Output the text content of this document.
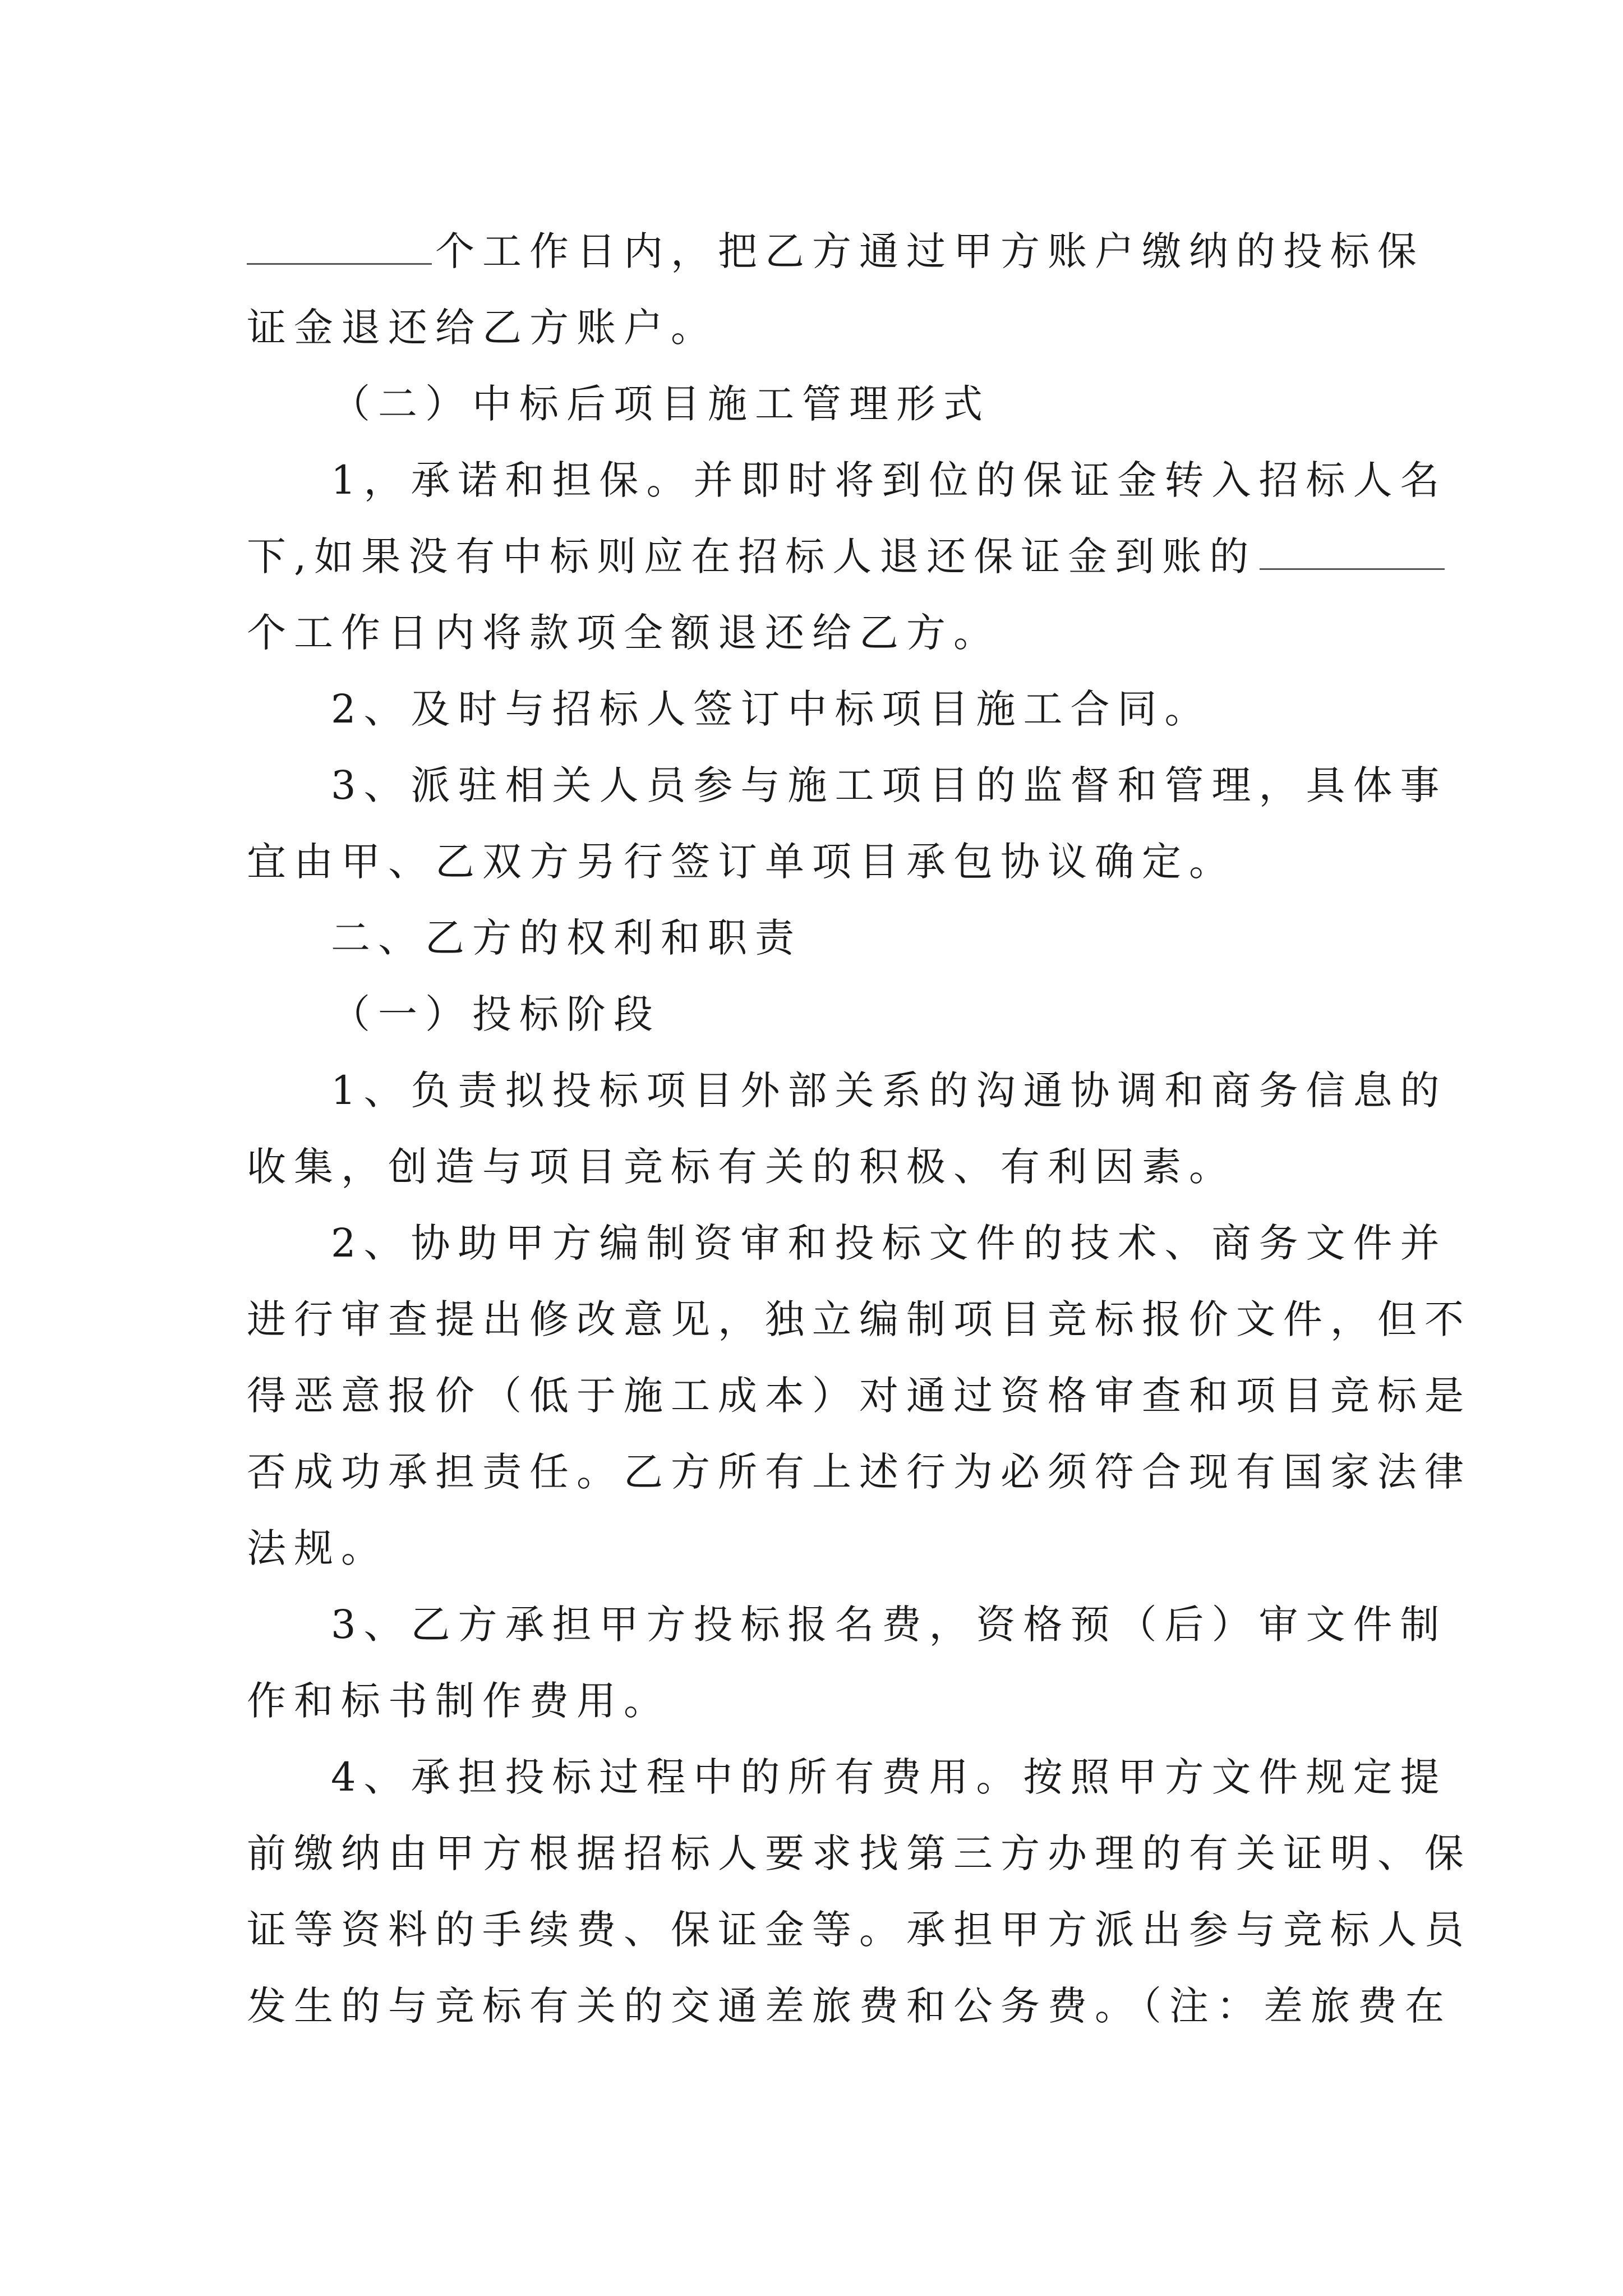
个工作日内，把乙方通过甲方账户缴纳的投标保
证金退还给乙方账户。
（二）中标后项目施工管理形式
1，承诺和担保。并即时将到位的保证金转入招标人名
下,如果没有中标则应在招标人退还保证金到账的
个工作日内将款项全额退还给乙方。
2、及时与招标人签订中标项目施工合同。
3、派驻相关人员参与施工项目的监督和管理，具体事
宜由甲、乙双方另行签订单项目承包协议确定。
二、乙方的权利和职责
（一）投标阶段
1、负责拟投标项目外部关系的沟通协调和商务信息的
收集，创造与项目竞标有关的积极、有利因素。
2、协助甲方编制资审和投标文件的技术、商务文件并
进行审查提出修改意见，独立编制项目竞标报价文件，但不
得恶意报价（低于施工成本）对通过资格审查和项目竞标是
否成功承担责任。乙方所有上述行为必须符合现有国家法律
法规。
3、乙方承担甲方投标报名费，资格预（后）审文件制
作和标书制作费用。
4、承担投标过程中的所有费用。按照甲方文件规定提
前缴纳由甲方根据招标人要求找第三方办理的有关证明、保
证等资料的手续费、保证金等。承担甲方派出参与竞标人员
发生的与竞标有关的交通差旅费和公务费。（注：差旅费在
